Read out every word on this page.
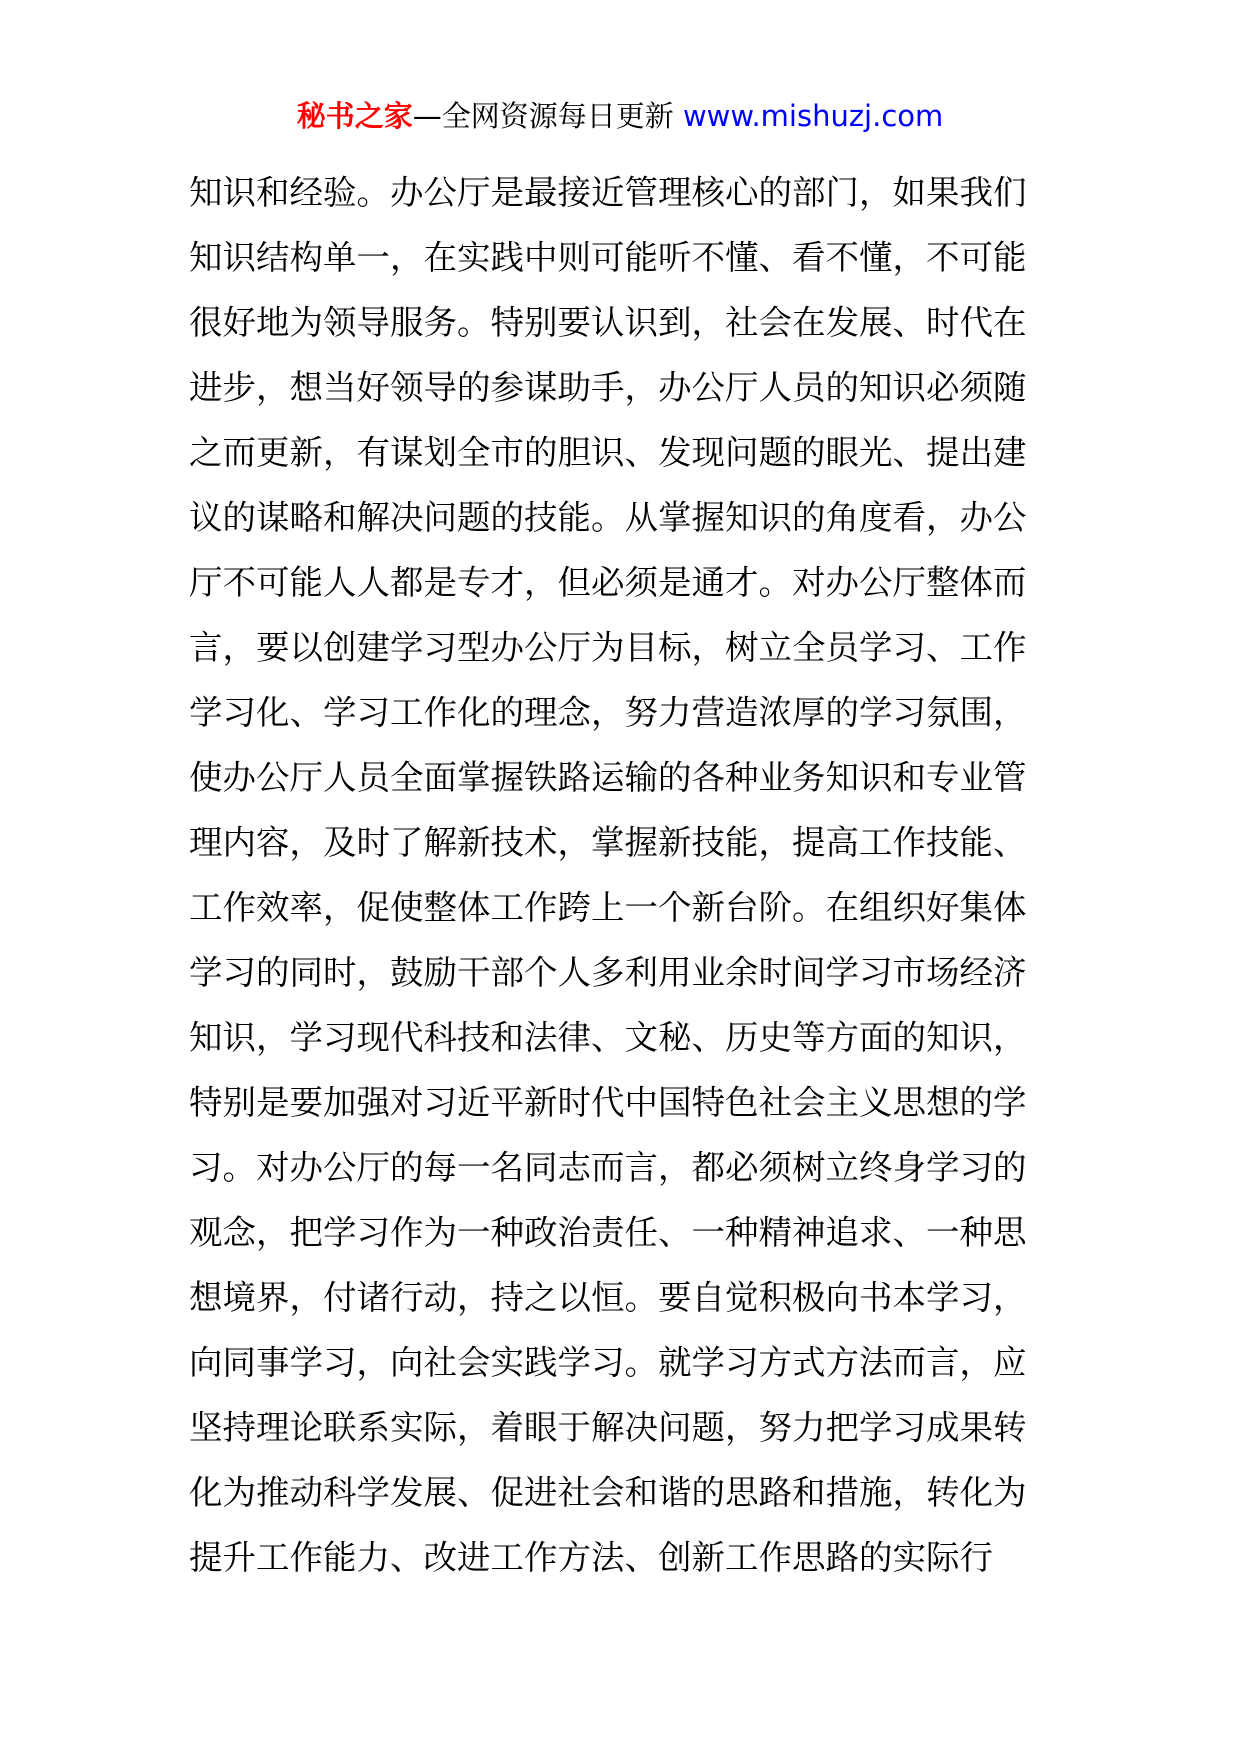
秘书之家—全网资源每日更新 www.mishuzj.com
知识和经验。办公厅是最接近管理核心的部门，如果我们
知识结构单一，在实践中则可能听不懂、看不懂，不可能
很好地为领导服务。特别要认识到，社会在发展、时代在
进步，想当好领导的参谋助手，办公厅人员的知识必须随
之而更新，有谋划全市的胆识、发现问题的眼光、提出建
议的谋略和解决问题的技能。从掌握知识的角度看，办公
厅不可能人人都是专才，但必须是通才。对办公厅整体而
言，要以创建学习型办公厅为目标，树立全员学习、工作
学习化、学习工作化的理念，努力营造浓厚的学习氛围，
使办公厅人员全面掌握铁路运输的各种业务知识和专业管
理内容，及时了解新技术，掌握新技能，提高工作技能、
工作效率，促使整体工作跨上一个新台阶。在组织好集体
学习的同时，鼓励干部个人多利用业余时间学习市场经济
知识，学习现代科技和法律、文秘、历史等方面的知识，
特别是要加强对习近平新时代中国特色社会主义思想的学
习。对办公厅的每一名同志而言，都必须树立终身学习的
观念，把学习作为一种政治责任、一种精神追求、一种思
想境界，付诸行动，持之以恒。要自觉积极向书本学习，
向同事学习，向社会实践学习。就学习方式方法而言，应
坚持理论联系实际，着眼于解决问题，努力把学习成果转
化为推动科学发展、促进社会和谐的思路和措施，转化为
提升工作能力、改进工作方法、创新工作思路的实际行
